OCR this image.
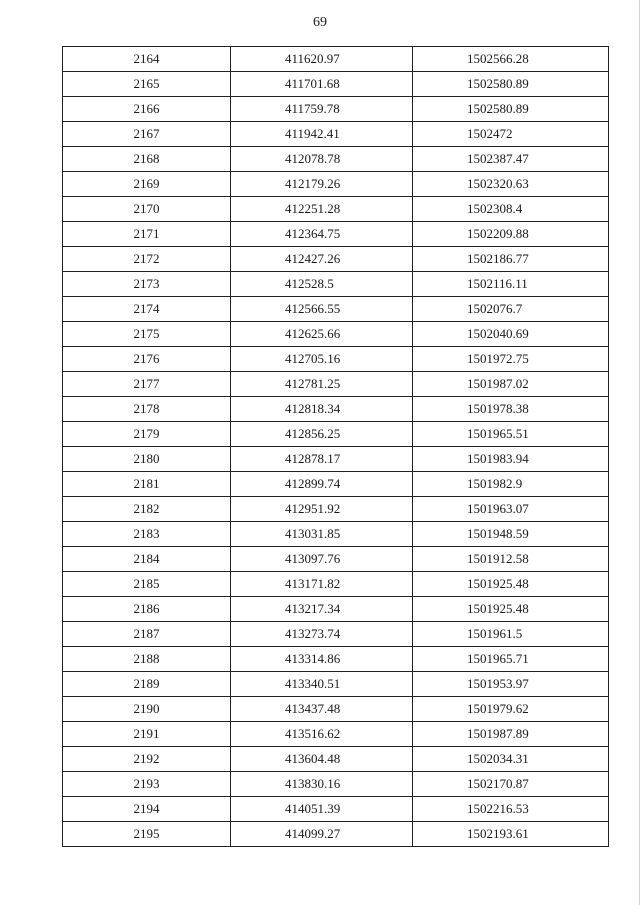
69
2164	411620.97	1502566.28
2165	411701.68	1502580.89
2166	411759.78	1502580.89
2167	411942.41	1502472
2168	412078.78	1502387.47
2169	412179.26	1502320.63
2170	412251.28	1502308.4
2171	412364.75	1502209.88
2172	412427.26	1502186.77
2173	412528.5	1502116.11
2174	412566.55	1502076.7
2175	412625.66	1502040.69
2176	412705.16	1501972.75
2177	412781.25	1501987.02
2178	412818.34	1501978.38
2179	412856.25	1501965.51
2180	412878.17	1501983.94
2181	412899.74	1501982.9
2182	412951.92	1501963.07
2183	413031.85	1501948.59
2184	413097.76	1501912.58
2185	413171.82	1501925.48
2186	413217.34	1501925.48
2187	413273.74	1501961.5
2188	413314.86	1501965.71
2189	413340.51	1501953.97
2190	413437.48	1501979.62
2191	413516.62	1501987.89
2192	413604.48	1502034.31
2193	413830.16	1502170.87
2194	414051.39	1502216.53
2195	414099.27	1502193.61
